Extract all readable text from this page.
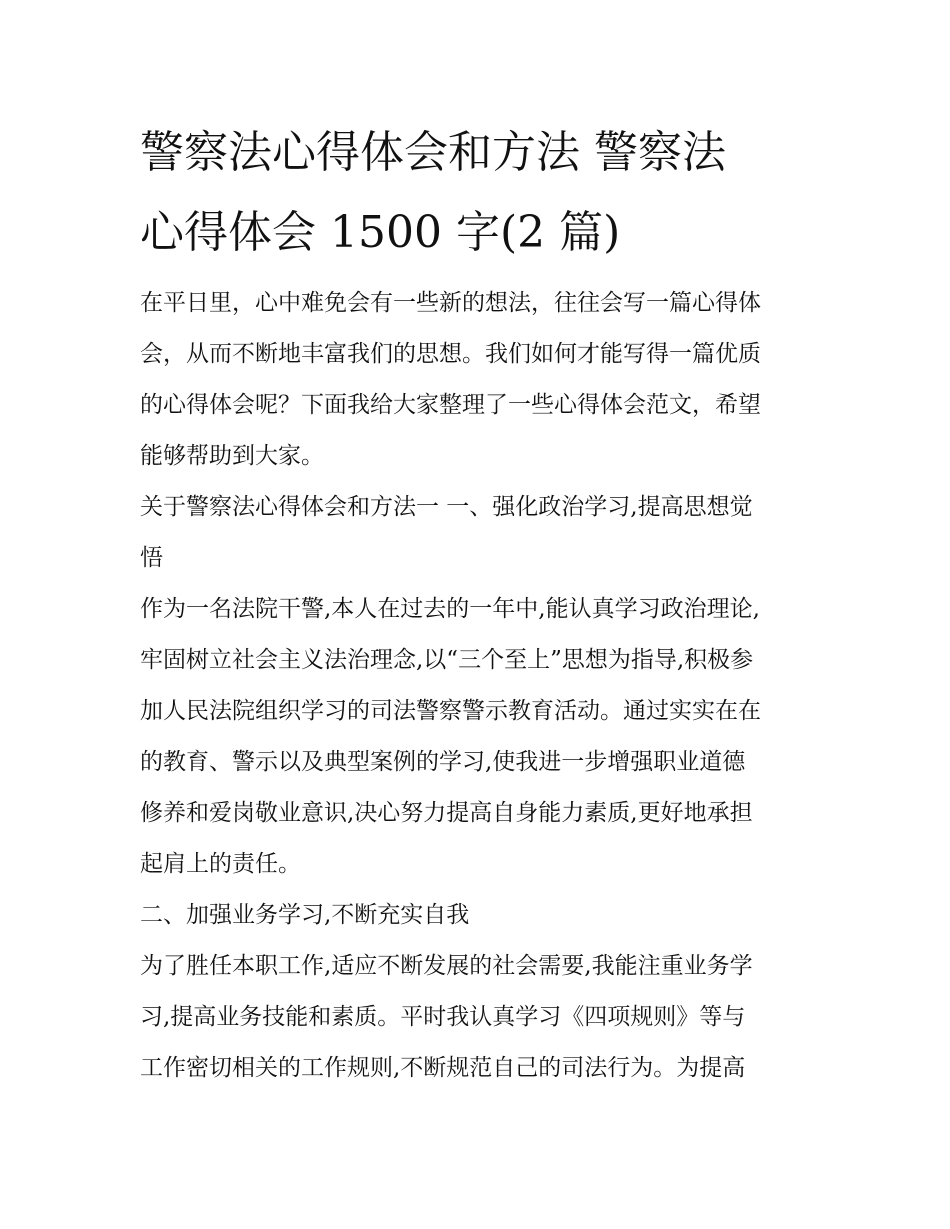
警察法心得体会和方法 警察法
心得体会 1500 字(2 篇)
在平日里，心中难免会有一些新的想法，往往会写一篇心得体
会，从而不断地丰富我们的思想。我们如何才能写得一篇优质
的心得体会呢？下面我给大家整理了一些心得体会范文，希望
能够帮助到大家。
关于警察法心得体会和方法一 一、强化政治学习,提高思想觉
悟
作为一名法院干警,本人在过去的一年中,能认真学习政治理论,
牢固树立社会主义法治理念,以“三个至上”思想为指导,积极参
加人民法院组织学习的司法警察警示教育活动。通过实实在在
的教育、警示以及典型案例的学习,使我进一步增强职业道德
修养和爱岗敬业意识,决心努力提高自身能力素质,更好地承担
起肩上的责任。
二、加强业务学习,不断充实自我
为了胜任本职工作,适应不断发展的社会需要,我能注重业务学
习,提高业务技能和素质。平时我认真学习《四项规则》等与
工作密切相关的工作规则,不断规范自己的司法行为。为提高
